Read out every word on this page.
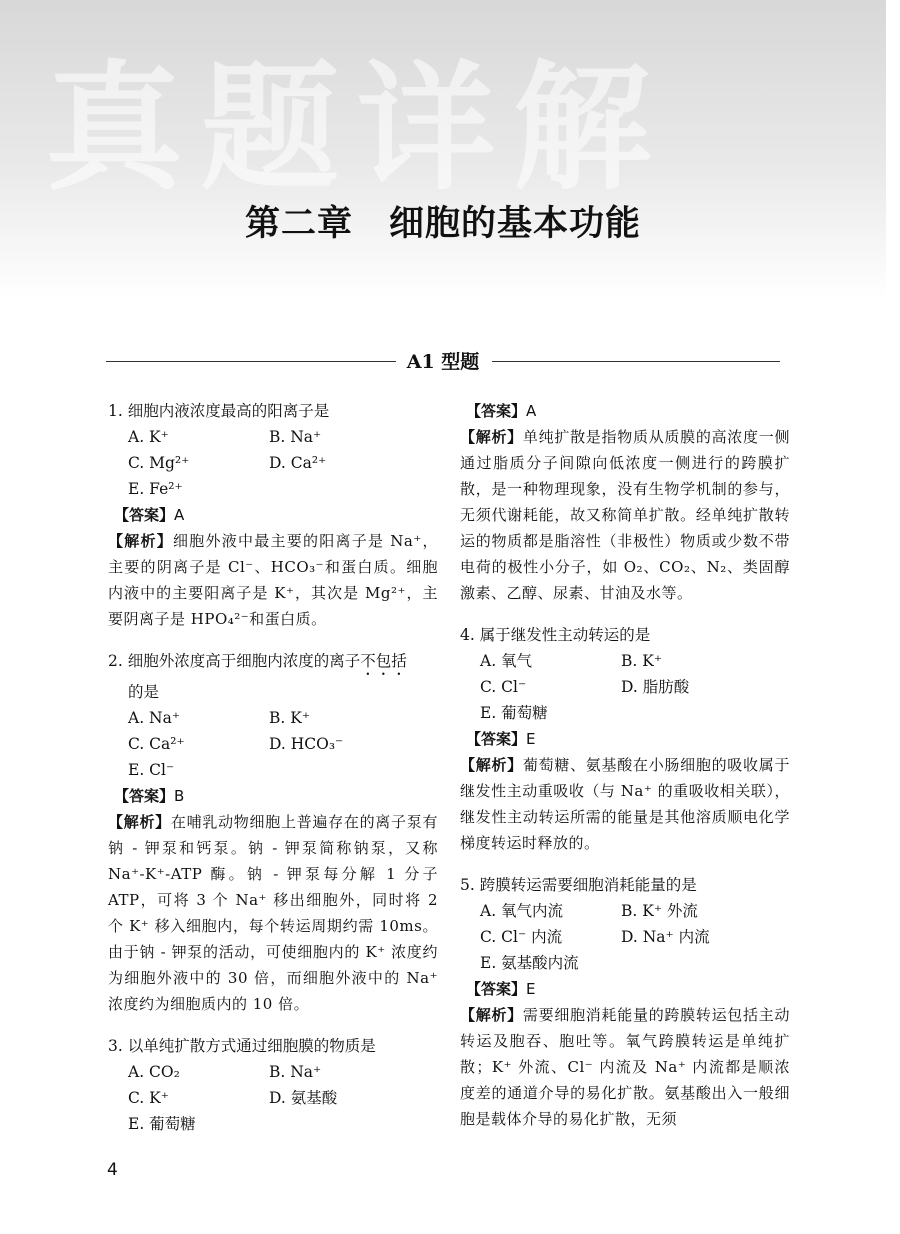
真题详解
第二章　细胞的基本功能
A1 型题
1. 细胞内液浓度最高的阳离子是
A. K⁺	B. Na⁺
C. Mg²⁺	D. Ca²⁺
E. Fe²⁺
【答案】A
【解析】细胞外液中最主要的阳离子是 Na⁺，主要的阴离子是 Cl⁻、HCO₃⁻和蛋白质。细胞内液中的主要阳离子是 K⁺，其次是 Mg²⁺，主要阴离子是 HPO₄²⁻和蛋白质。
2. 细胞外浓度高于细胞内浓度的离子不包括
的是
A. Na⁺	B. K⁺
C. Ca²⁺	D. HCO₃⁻
E. Cl⁻
【答案】B
【解析】在哺乳动物细胞上普遍存在的离子泵有钠 - 钾泵和钙泵。钠 - 钾泵简称钠泵，又称 Na⁺-K⁺-ATP 酶。钠 - 钾泵每分解 1 分子 ATP，可将 3 个 Na⁺ 移出细胞外，同时将 2 个 K⁺ 移入细胞内，每个转运周期约需 10ms。由于钠 - 钾泵的活动，可使细胞内的 K⁺ 浓度约为细胞外液中的 30 倍，而细胞外液中的 Na⁺ 浓度约为细胞质内的 10 倍。
3. 以单纯扩散方式通过细胞膜的物质是
A. CO₂	B. Na⁺
C. K⁺	D. 氨基酸
E. 葡萄糖
【答案】A
【解析】单纯扩散是指物质从质膜的高浓度一侧通过脂质分子间隙向低浓度一侧进行的跨膜扩散，是一种物理现象，没有生物学机制的参与，无须代谢耗能，故又称简单扩散。经单纯扩散转运的物质都是脂溶性（非极性）物质或少数不带电荷的极性小分子，如 O₂、CO₂、N₂、类固醇激素、乙醇、尿素、甘油及水等。
4. 属于继发性主动转运的是
A. 氧气	B. K⁺
C. Cl⁻	D. 脂肪酸
E. 葡萄糖
【答案】E
【解析】葡萄糖、氨基酸在小肠细胞的吸收属于继发性主动重吸收（与 Na⁺ 的重吸收相关联），继发性主动转运所需的能量是其他溶质顺电化学梯度转运时释放的。
5. 跨膜转运需要细胞消耗能量的是
A. 氧气内流	B. K⁺ 外流
C. Cl⁻ 内流	D. Na⁺ 内流
E. 氨基酸内流
【答案】E
【解析】需要细胞消耗能量的跨膜转运包括主动转运及胞吞、胞吐等。氧气跨膜转运是单纯扩散；K⁺ 外流、Cl⁻ 内流及 Na⁺ 内流都是顺浓度差的通道介导的易化扩散。氨基酸出入一般细胞是载体介导的易化扩散，无须
4
